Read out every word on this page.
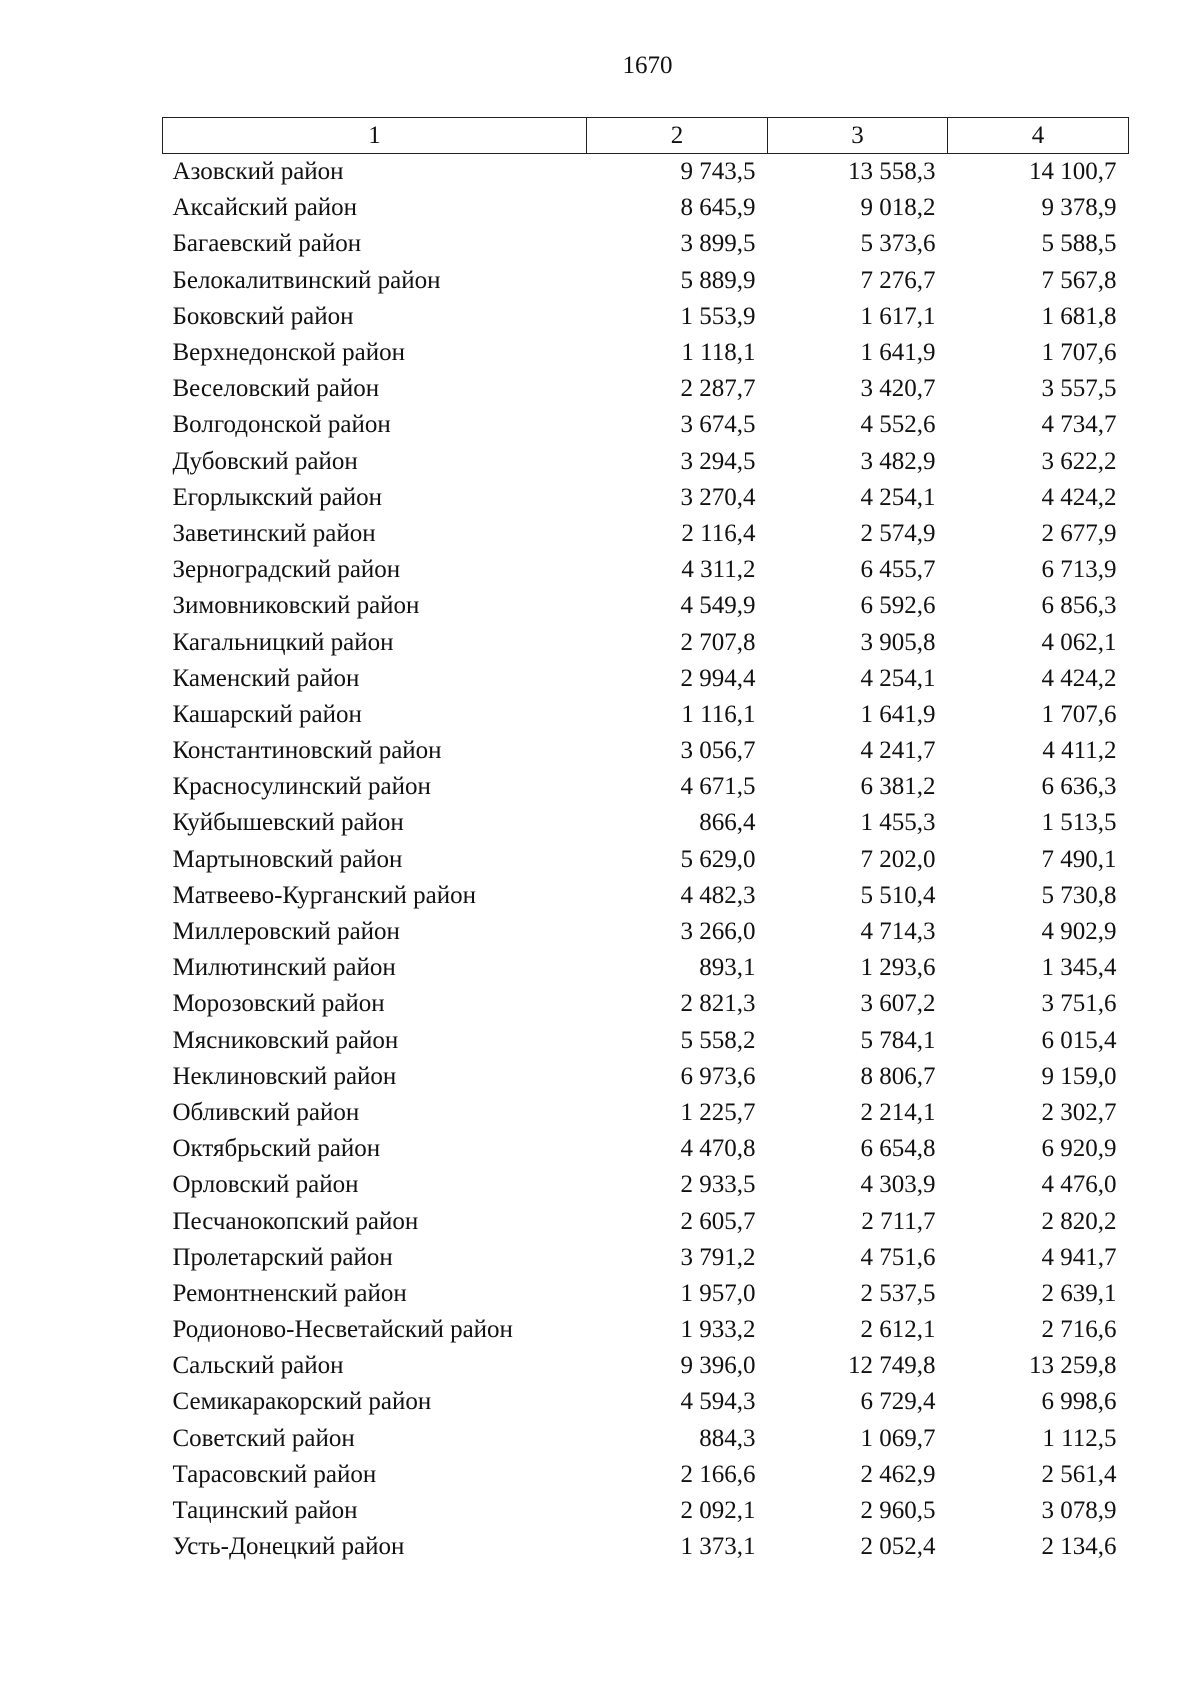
1670
1	2	3	4
Азовский район	9 743,5	13 558,3	14 100,7
Аксайский район	8 645,9	9 018,2	9 378,9
Багаевский район	3 899,5	5 373,6	5 588,5
Белокалитвинский район	5 889,9	7 276,7	7 567,8
Боковский район	1 553,9	1 617,1	1 681,8
Верхнедонской район	1 118,1	1 641,9	1 707,6
Веселовский район	2 287,7	3 420,7	3 557,5
Волгодонской район	3 674,5	4 552,6	4 734,7
Дубовский район	3 294,5	3 482,9	3 622,2
Егорлыкский район	3 270,4	4 254,1	4 424,2
Заветинский район	2 116,4	2 574,9	2 677,9
Зерноградский район	4 311,2	6 455,7	6 713,9
Зимовниковский район	4 549,9	6 592,6	6 856,3
Кагальницкий район	2 707,8	3 905,8	4 062,1
Каменский район	2 994,4	4 254,1	4 424,2
Кашарский район	1 116,1	1 641,9	1 707,6
Константиновский район	3 056,7	4 241,7	4 411,2
Красносулинский район	4 671,5	6 381,2	6 636,3
Куйбышевский район	866,4	1 455,3	1 513,5
Мартыновский район	5 629,0	7 202,0	7 490,1
Матвеево-Курганский район	4 482,3	5 510,4	5 730,8
Миллеровский район	3 266,0	4 714,3	4 902,9
Милютинский район	893,1	1 293,6	1 345,4
Морозовский район	2 821,3	3 607,2	3 751,6
Мясниковский район	5 558,2	5 784,1	6 015,4
Неклиновский район	6 973,6	8 806,7	9 159,0
Обливский район	1 225,7	2 214,1	2 302,7
Октябрьский район	4 470,8	6 654,8	6 920,9
Орловский район	2 933,5	4 303,9	4 476,0
Песчанокопский район	2 605,7	2 711,7	2 820,2
Пролетарский район	3 791,2	4 751,6	4 941,7
Ремонтненский район	1 957,0	2 537,5	2 639,1
Родионово-Несветайский район	1 933,2	2 612,1	2 716,6
Сальский район	9 396,0	12 749,8	13 259,8
Семикаракорский район	4 594,3	6 729,4	6 998,6
Советский район	884,3	1 069,7	1 112,5
Тарасовский район	2 166,6	2 462,9	2 561,4
Тацинский район	2 092,1	2 960,5	3 078,9
Усть-Донецкий район	1 373,1	2 052,4	2 134,6
